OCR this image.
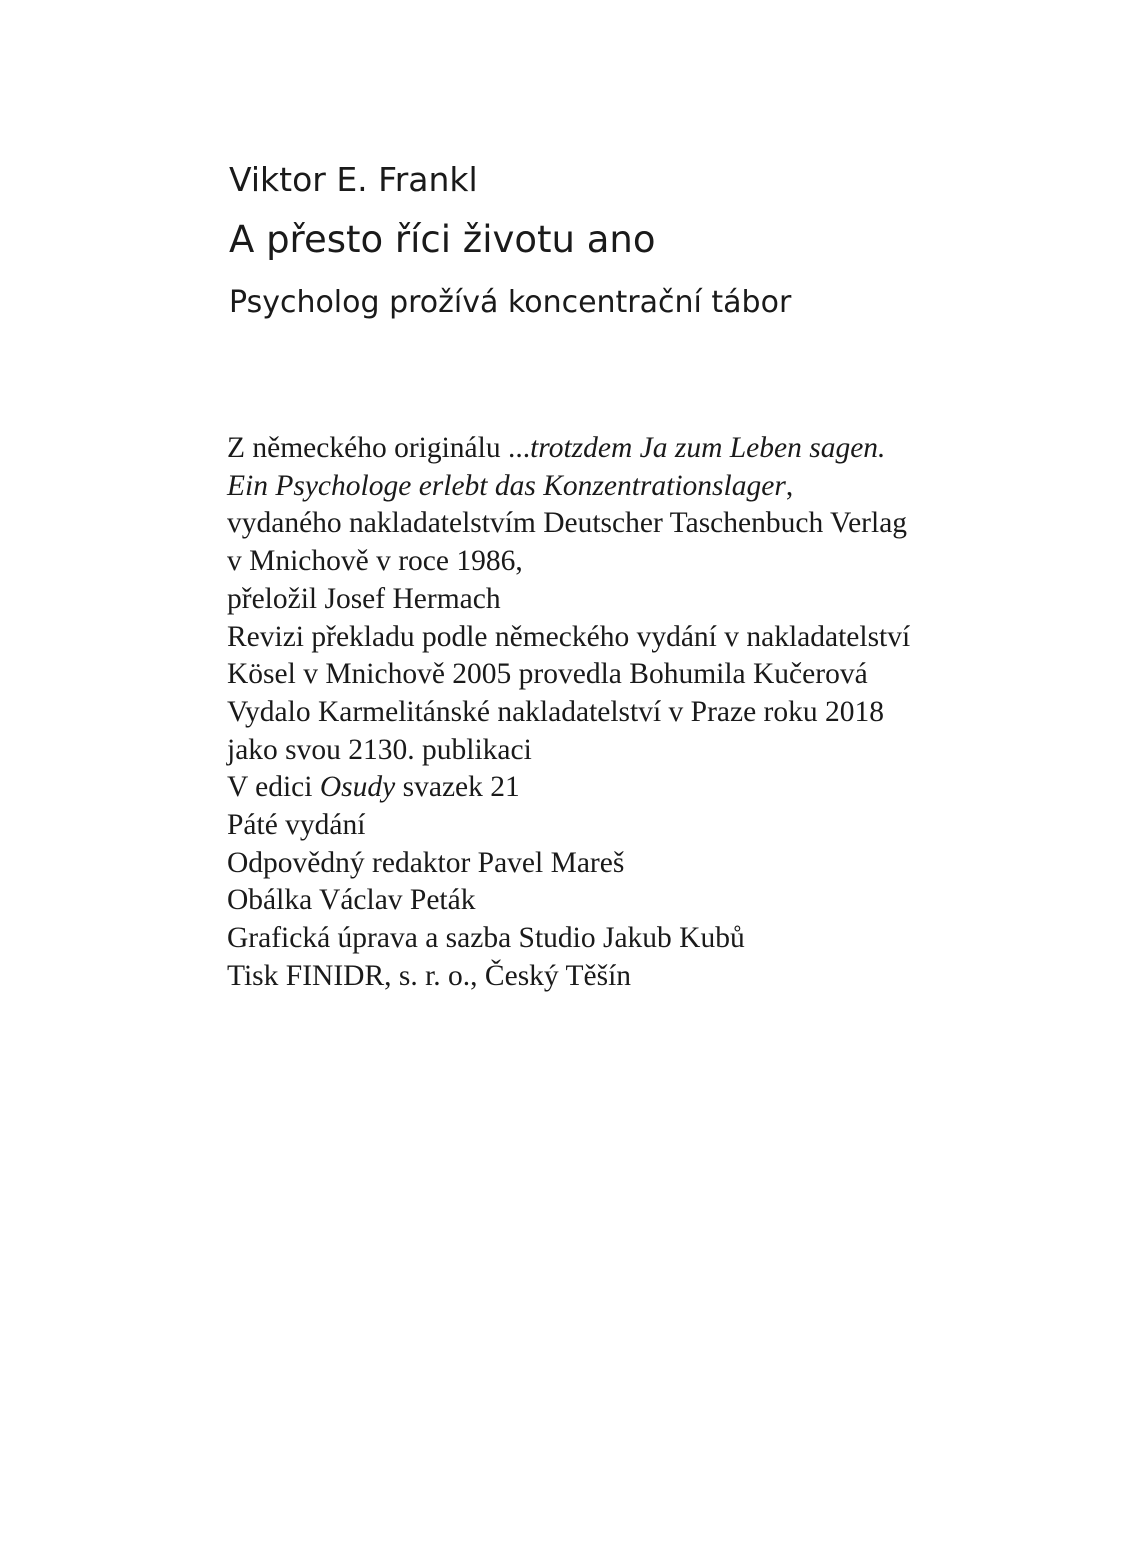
Viktor E. Frankl

A přesto říci životu ano

Psycholog prožívá koncentrační tábor

Z německého originálu ...trotzdem Ja zum Leben sagen.
Ein Psychologe erlebt das Konzentrationslager,
vydaného nakladatelstvím Deutscher Taschenbuch Verlag
v Mnichově v roce 1986,
přeložil Josef Hermach
Revizi překladu podle německého vydání v nakladatelství
Kösel v Mnichově 2005 provedla Bohumila Kučerová
Vydalo Karmelitánské nakladatelství v Praze roku 2018
jako svou 2130. publikaci
V edici Osudy svazek 21
Páté vydání
Odpovědný redaktor Pavel Mareš
Obálka Václav Peták
Grafická úprava a sazba Studio Jakub Kubů
Tisk FINIDR, s. r. o., Český Těšín
